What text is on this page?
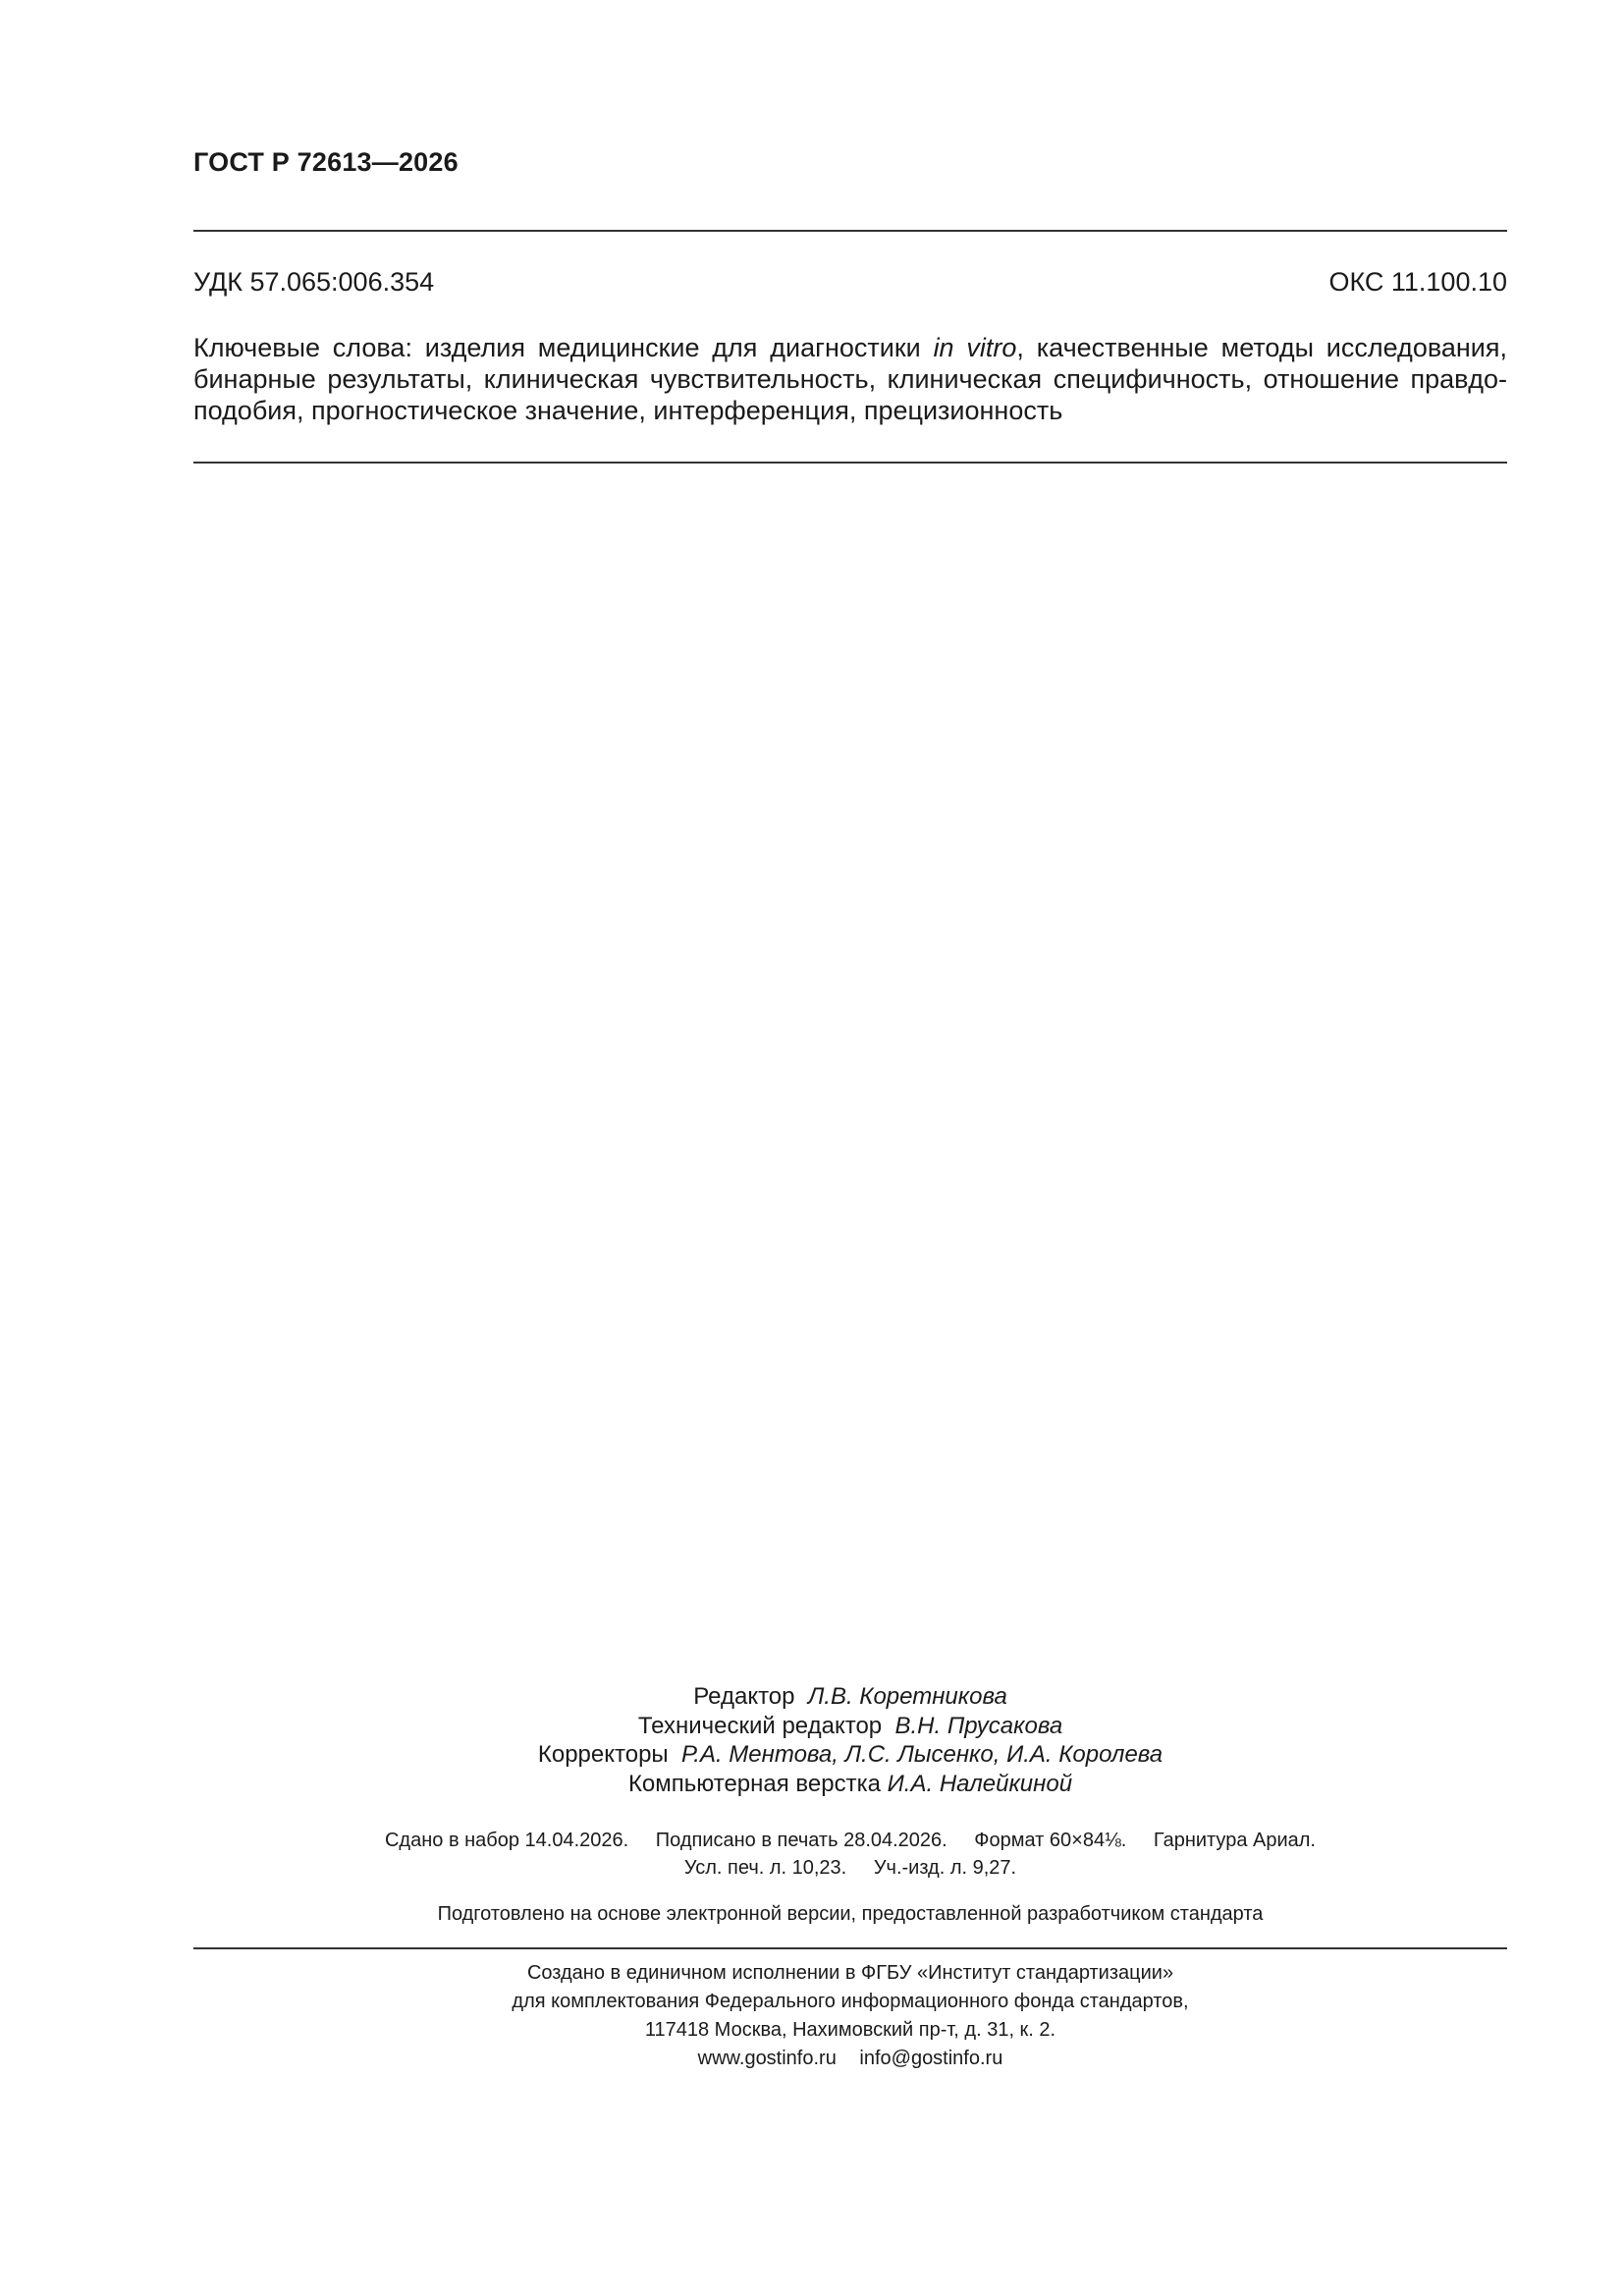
ГОСТ Р 72613—2026
УДК 57.065:006.354	ОКС 11.100.10
Ключевые слова: изделия медицинские для диагностики in vitro, качественные методы исследования,
бинарные результаты, клиническая чувствительность, клиническая специфичность, отношение правдо-
подобия, прогностическое значение, интерференция, прецизионность
Редактор Л.В. Коретникова
Технический редактор В.Н. Прусакова
Корректоры Р.А. Ментова, Л.С. Лысенко, И.А. Королева
Компьютерная верстка И.А. Налейкиной
Сдано в набор 14.04.2026. Подписано в печать 28.04.2026. Формат 60×84⅛. Гарнитура Ариал.
Усл. печ. л. 10,23. Уч.-изд. л. 9,27.
Подготовлено на основе электронной версии, предоставленной разработчиком стандарта
Создано в единичном исполнении в ФГБУ «Институт стандартизации»
для комплектования Федерального информационного фонда стандартов,
117418 Москва, Нахимовский пр-т, д. 31, к. 2.
www.gostinfo.ru info@gostinfo.ru
